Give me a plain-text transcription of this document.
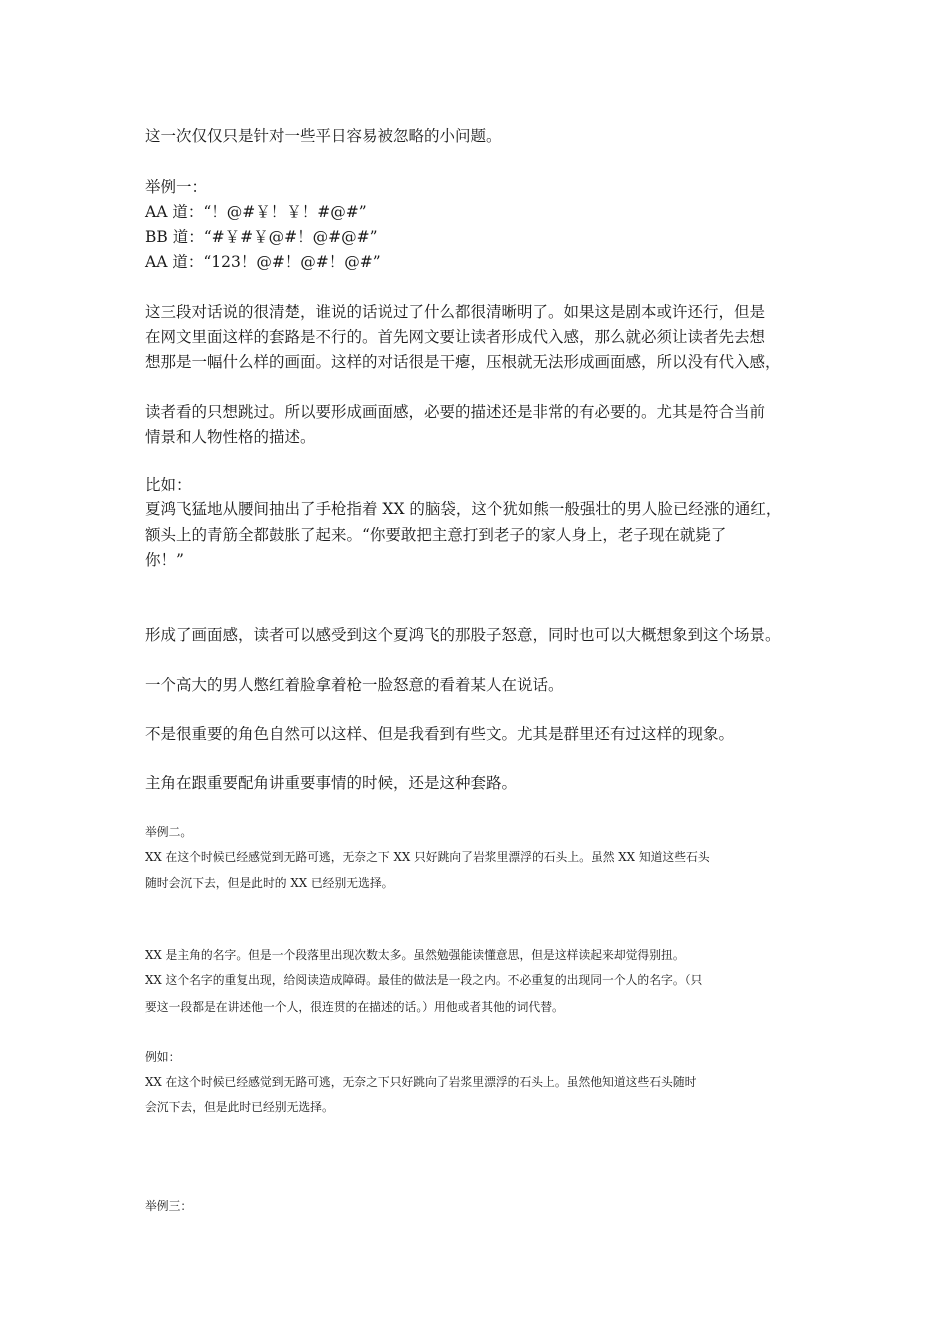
这一次仅仅只是针对一些平日容易被忽略的小问题。
举例一：
AA 道：“！@#￥！￥！#@#”
BB 道：“#￥#￥@#！@#@#”
AA 道：“123！@#！@#！@#”
这三段对话说的很清楚，谁说的话说过了什么都很清晰明了。如果这是剧本或许还行，但是
在网文里面这样的套路是不行的。首先网文要让读者形成代入感，那么就必须让读者先去想
想那是一幅什么样的画面。这样的对话很是干瘪，压根就无法形成画面感，所以没有代入感，
读者看的只想跳过。所以要形成画面感，必要的描述还是非常的有必要的。尤其是符合当前
情景和人物性格的描述。
比如：
夏鸿飞猛地从腰间抽出了手枪指着 XX 的脑袋，这个犹如熊一般强壮的男人脸已经涨的通红，
额头上的青筋全都鼓胀了起来。“你要敢把主意打到老子的家人身上，老子现在就毙了
你！”
形成了画面感，读者可以感受到这个夏鸿飞的那股子怒意，同时也可以大概想象到这个场景。
一个高大的男人憋红着脸拿着枪一脸怒意的看着某人在说话。
不是很重要的角色自然可以这样、但是我看到有些文。尤其是群里还有过这样的现象。
主角在跟重要配角讲重要事情的时候，还是这种套路。
举例二。
XX 在这个时候已经感觉到无路可逃，无奈之下 XX 只好跳向了岩浆里漂浮的石头上。虽然 XX 知道这些石头
随时会沉下去，但是此时的 XX 已经别无选择。
XX 是主角的名字。但是一个段落里出现次数太多。虽然勉强能读懂意思，但是这样读起来却觉得别扭。
XX 这个名字的重复出现，给阅读造成障碍。最佳的做法是一段之内。不必重复的出现同一个人的名字。（只
要这一段都是在讲述他一个人，很连贯的在描述的话。）用他或者其他的词代替。
例如：
XX 在这个时候已经感觉到无路可逃，无奈之下只好跳向了岩浆里漂浮的石头上。虽然他知道这些石头随时
会沉下去，但是此时已经别无选择。
举例三：
